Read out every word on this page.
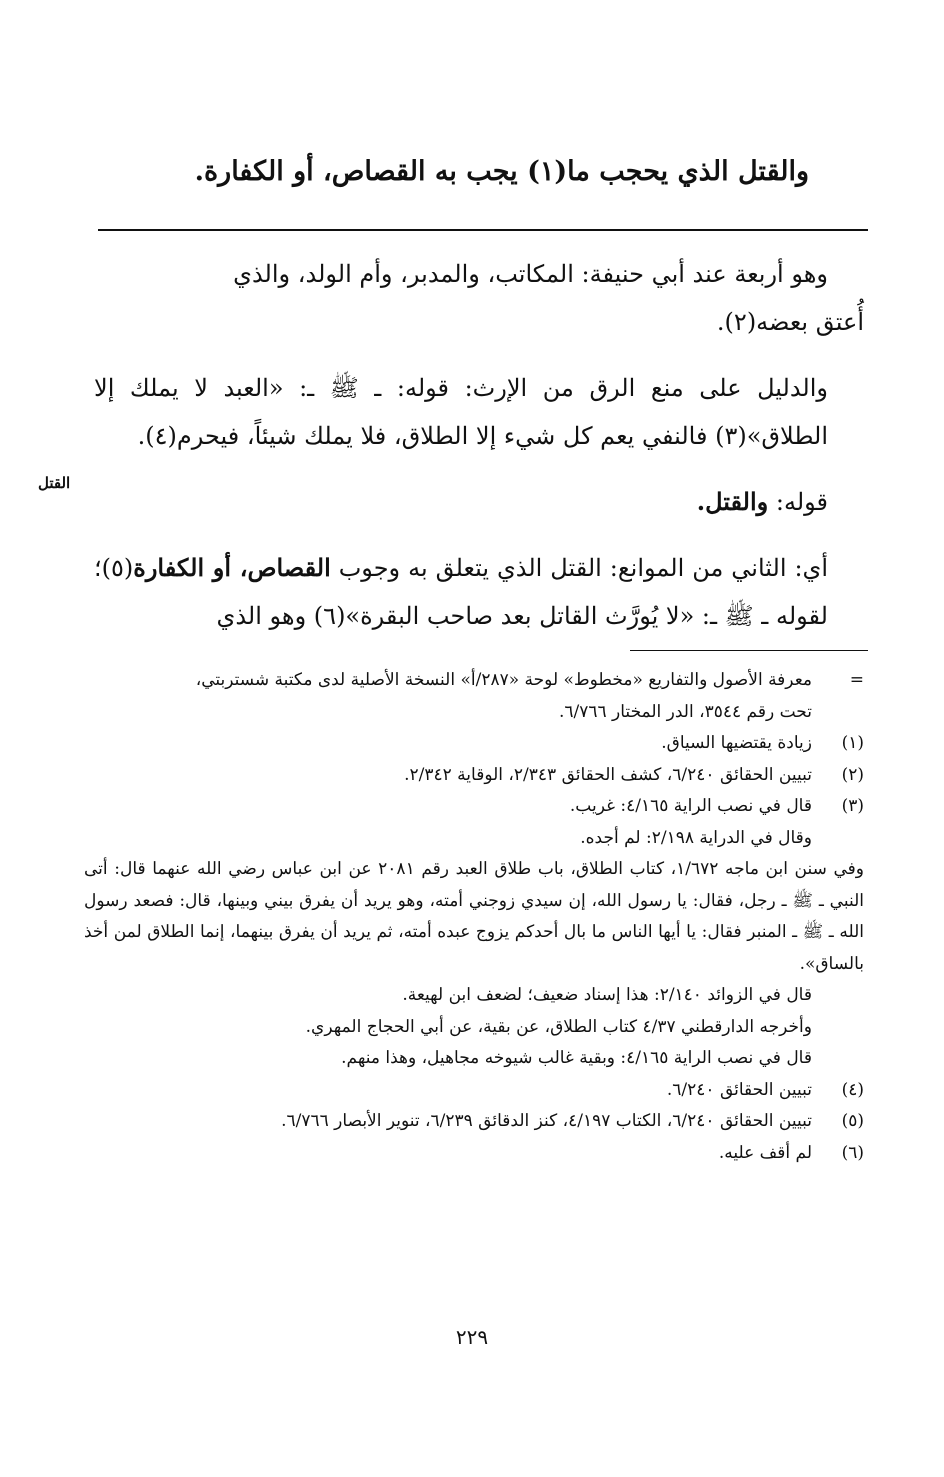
والقتل الذي يحجب ما(١) يجب به القصاص، أو الكفارة.

وهو أربعة عند أبي حنيفة: المكاتب، والمدبر، وأم الولد، والذي
أُعتق بعضه(٢).

والدليل على منع الرق من الإرث: قوله: ـ ﷺ ـ: «العبد لا يملك إلا الطلاق»(٣) فالنفي يعم كل شيء إلا الطلاق، فلا يملك شيئاً، فيحرم(٤).

قوله: والقتل.

أي: الثاني من الموانع: القتل الذي يتعلق به وجوب القصاص، أو الكفارة(٥)؛ لقوله ـ ﷺ ـ: «لا يُورَّث القاتل بعد صاحب البقرة»(٦) وهو الذي

القتل
=
معرفة الأصول والتفاريع «مخطوط» لوحة «٢٨٧/أ» النسخة الأصلية لدى مكتبة شستربتي،
تحت رقم ٣٥٤٤، الدر المختار ٦/٧٦٦.
(١)
زيادة يقتضيها السياق.
(٢)
تبيين الحقائق ٦/٢٤٠، كشف الحقائق ٢/٣٤٣، الوقاية ٢/٣٤٢.
(٣)
قال في نصب الراية ٤/١٦٥: غريب.
وقال في الدراية ٢/١٩٨: لم أجده.
وفي سنن ابن ماجه ١/٦٧٢، كتاب الطلاق، باب طلاق العبد رقم ٢٠٨١ عن ابن عباس رضي الله عنهما قال: أتى النبي ـ ﷺ ـ رجل، فقال: يا رسول الله، إن سيدي زوجني أمته، وهو يريد أن يفرق بيني وبينها، قال: فصعد رسول الله ـ ﷺ ـ المنبر فقال: يا أيها الناس ما بال أحدكم يزوج عبده أمته، ثم يريد أن يفرق بينهما، إنما الطلاق لمن أخذ بالساق».
قال في الزوائد ٢/١٤٠: هذا إسناد ضعيف؛ لضعف ابن لهيعة.
وأخرجه الدارقطني ٤/٣٧ كتاب الطلاق، عن بقية، عن أبي الحجاج المهري.
قال في نصب الراية ٤/١٦٥: وبقية غالب شيوخه مجاهيل، وهذا منهم.
(٤)
تبيين الحقائق ٦/٢٤٠.
(٥)
تبيين الحقائق ٦/٢٤٠، الكتاب ٤/١٩٧، كنز الدقائق ٦/٢٣٩، تنوير الأبصار ٦/٧٦٦.
(٦)
لم أقف عليه.
٢٢٩
